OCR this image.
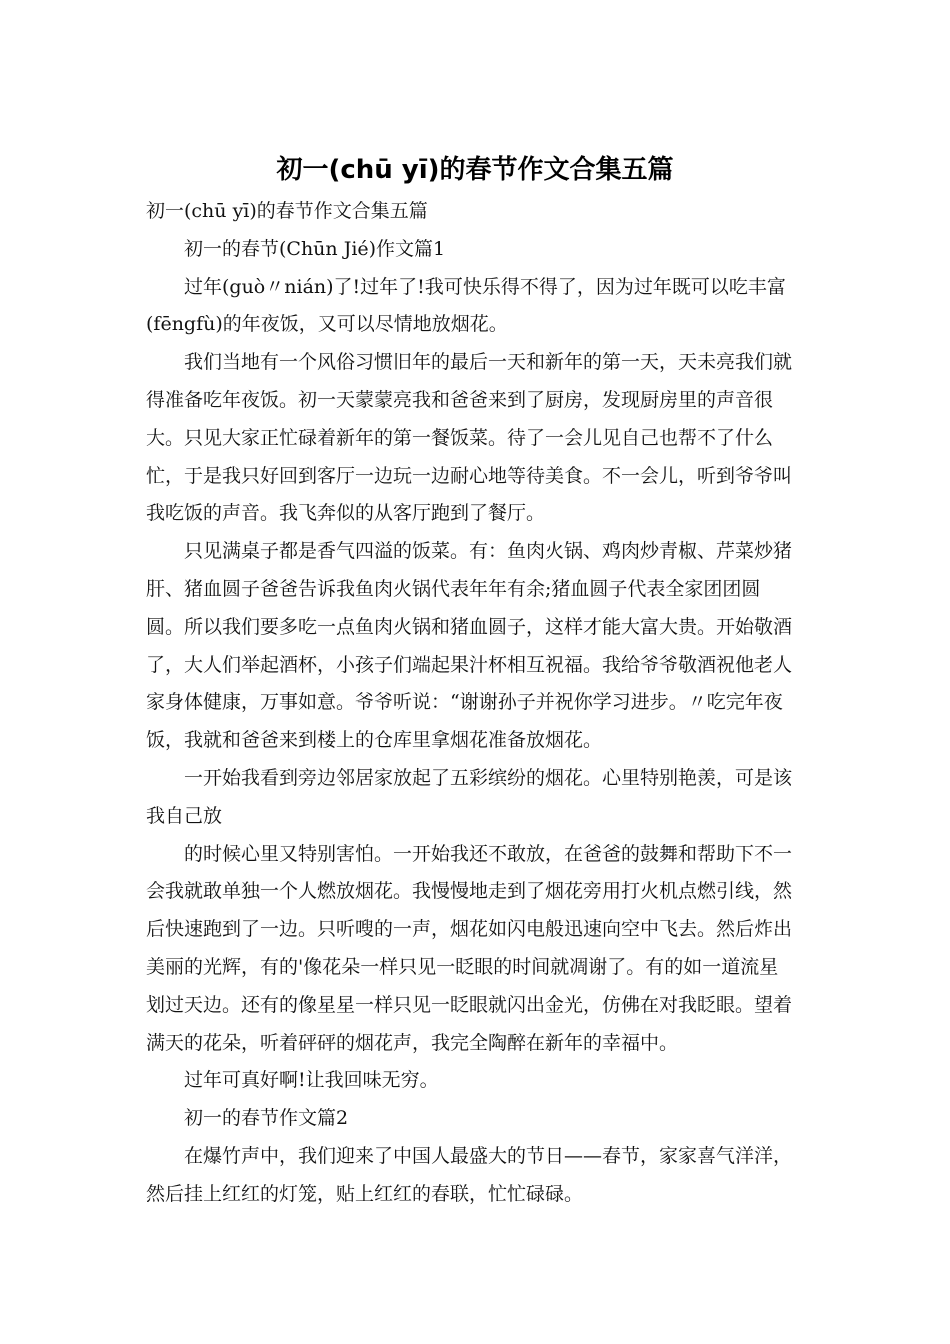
初一(chū yī)的春节作文合集五篇
初一(chū yī)的春节作文合集五篇
初一的春节(Chūn Jié)作文篇1
过年(guò〃nián)了!过年了!我可快乐得不得了，因为过年既可以吃丰富
(fēngfù)的年夜饭，又可以尽情地放烟花。
我们当地有一个风俗习惯旧年的最后一天和新年的第一天，天未亮我们就
得准备吃年夜饭。初一天蒙蒙亮我和爸爸来到了厨房，发现厨房里的声音很
大。只见大家正忙碌着新年的第一餐饭菜。待了一会儿见自己也帮不了什么
忙，于是我只好回到客厅一边玩一边耐心地等待美食。不一会儿，听到爷爷叫
我吃饭的声音。我飞奔似的从客厅跑到了餐厅。
只见满桌子都是香气四溢的饭菜。有：鱼肉火锅、鸡肉炒青椒、芹菜炒猪
肝、猪血圆子爸爸告诉我鱼肉火锅代表年年有余;猪血圆子代表全家团团圆
圆。所以我们要多吃一点鱼肉火锅和猪血圆子，这样才能大富大贵。开始敬酒
了，大人们举起酒杯，小孩子们端起果汁杯相互祝福。我给爷爷敬酒祝他老人
家身体健康，万事如意。爷爷听说：“谢谢孙子并祝你学习进步。〃吃完年夜
饭，我就和爸爸来到楼上的仓库里拿烟花准备放烟花。
一开始我看到旁边邻居家放起了五彩缤纷的烟花。心里特别艳羡，可是该
我自己放
的时候心里又特别害怕。一开始我还不敢放，在爸爸的鼓舞和帮助下不一
会我就敢单独一个人燃放烟花。我慢慢地走到了烟花旁用打火机点燃引线，然
后快速跑到了一边。只听嗖的一声，烟花如闪电般迅速向空中飞去。然后炸出
美丽的光辉，有的'像花朵一样只见一眨眼的时间就凋谢了。有的如一道流星
划过天边。还有的像星星一样只见一眨眼就闪出金光，仿佛在对我眨眼。望着
满天的花朵，听着砰砰的烟花声，我完全陶醉在新年的幸福中。
过年可真好啊!让我回味无穷。
初一的春节作文篇2
在爆竹声中，我们迎来了中国人最盛大的节日——春节，家家喜气洋洋，
然后挂上红红的灯笼，贴上红红的春联，忙忙碌碌。
